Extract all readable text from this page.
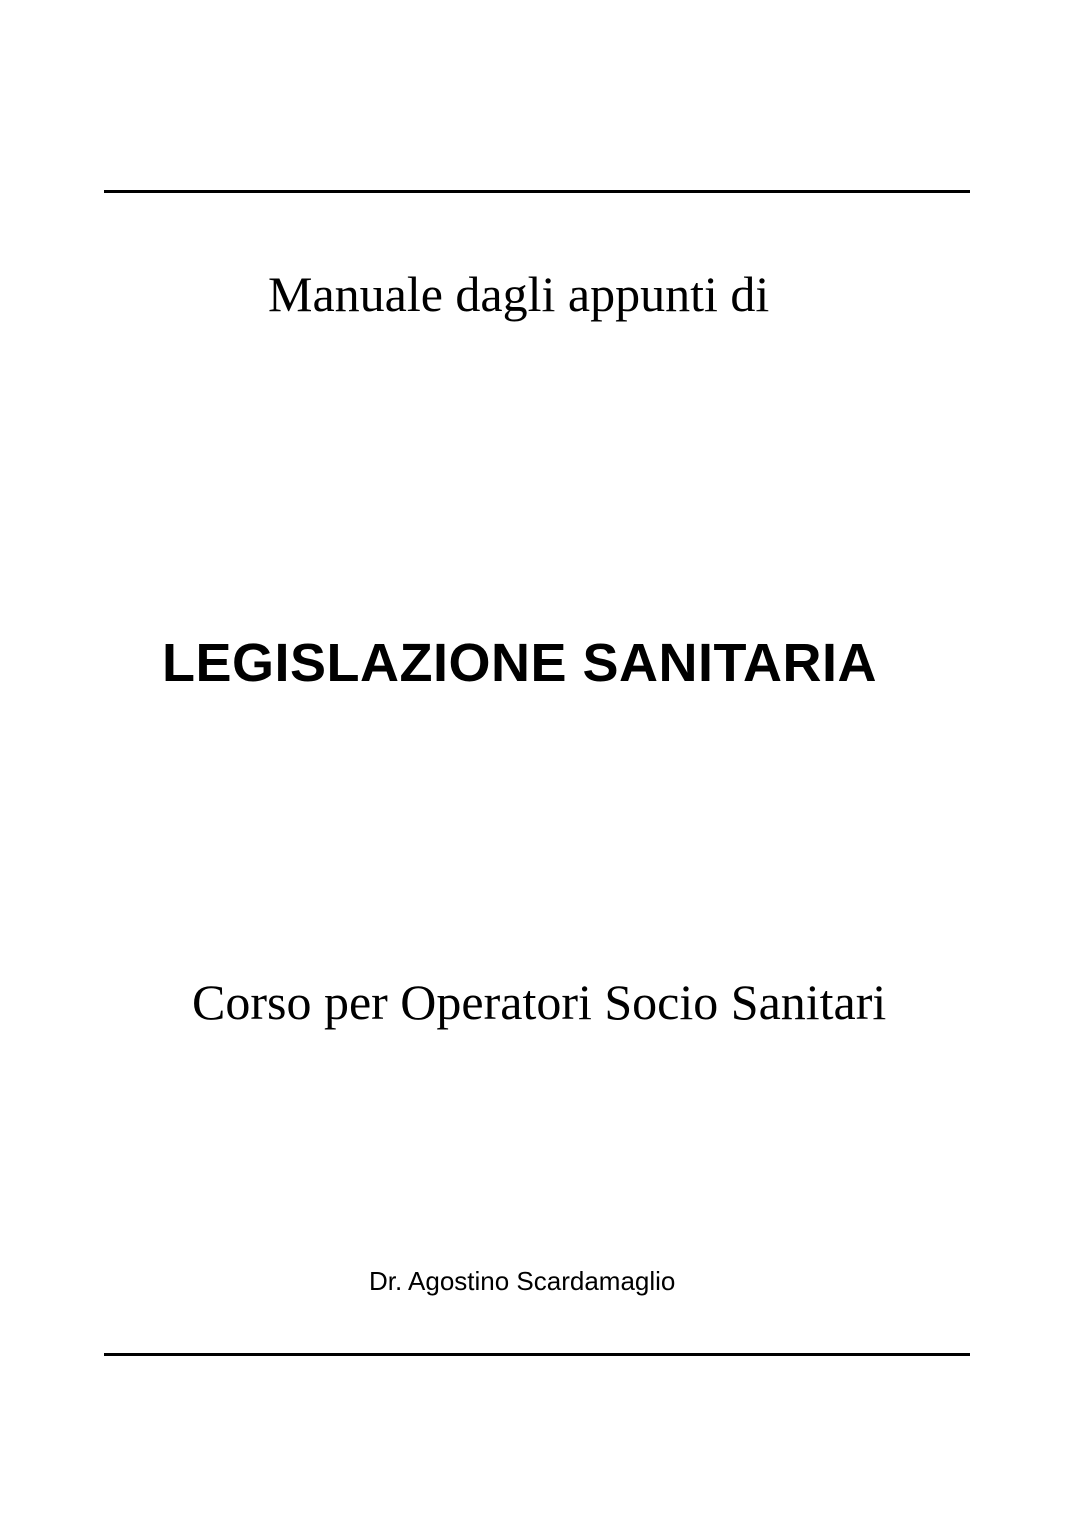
Manuale dagli appunti di
LEGISLAZIONE SANITARIA
Corso per Operatori Socio Sanitari
Dr. Agostino Scardamaglio
